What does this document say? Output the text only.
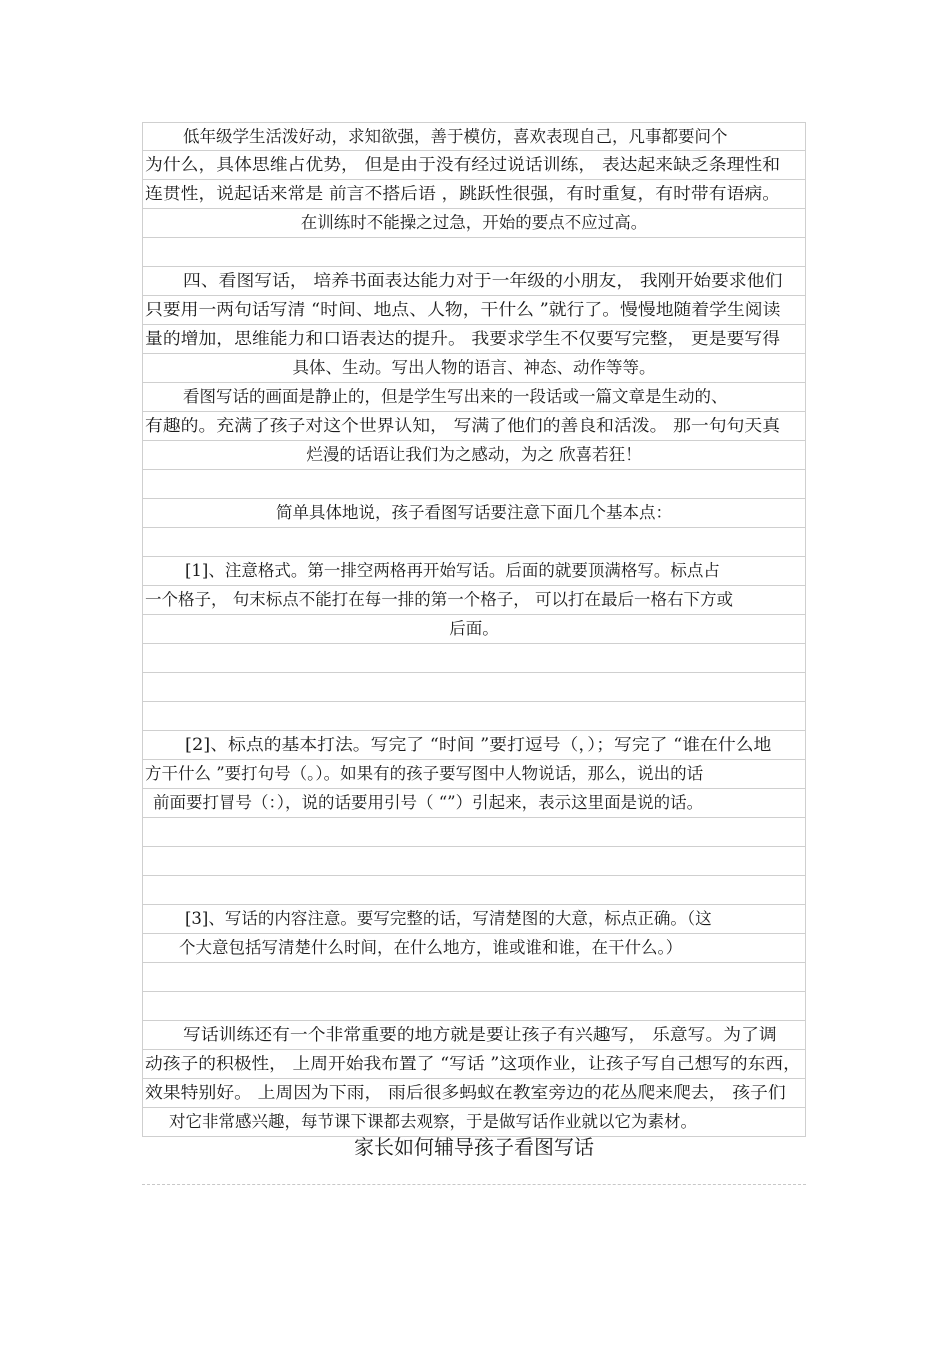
低年级学生活泼好动，求知欲强，善于模仿，喜欢表现自己，凡事都要问个
为什么，具体思维占优势， 但是由于没有经过说话训练， 表达起来缺乏条理性和
连贯性，说起话来常是 前言不搭后语 ，跳跃性很强，有时重复，有时带有语病。
在训练时不能操之过急，开始的要点不应过高。
四、看图写话， 培养书面表达能力对于一年级的小朋友， 我刚开始要求他们
只要用一两句话写清 “时间、地点、人物，干什么 ”就行了。慢慢地随着学生阅读
量的增加，思维能力和口语表达的提升。 我要求学生不仅要写完整， 更是要写得
具体、生动。写出人物的语言、神态、动作等等。
看图写话的画面是静止的，但是学生写出来的一段话或一篇文章是生动的、
有趣的。充满了孩子对这个世界认知， 写满了他们的善良和活泼。 那一句句天真
烂漫的话语让我们为之感动，为之 欣喜若狂！
简单具体地说，孩子看图写话要注意下面几个基本点：
[1]、注意格式。第一排空两格再开始写话。后面的就要顶满格写。标点占
一个格子， 句末标点不能打在每一排的第一个格子， 可以打在最后一格右下方或
后面。
[2]、标点的基本打法。写完了 “时间 ”要打逗号（，）；写完了 “谁在什么地
方干什么 ”要打句号（。）。如果有的孩子要写图中人物说话，那么，说出的话
前面要打冒号（：），说的话要用引号（ “”）引起来，表示这里面是说的话。
[3]、写话的内容注意。要写完整的话，写清楚图的大意，标点正确。（这
个大意包括写清楚什么时间，在什么地方，谁或谁和谁，在干什么。）
写话训练还有一个非常重要的地方就是要让孩子有兴趣写， 乐意写。为了调
动孩子的积极性， 上周开始我布置了 “写话 ”这项作业，让孩子写自己想写的东西，
效果特别好。 上周因为下雨， 雨后很多蚂蚁在教室旁边的花丛爬来爬去， 孩子们
对它非常感兴趣，每节课下课都去观察，于是做写话作业就以它为素材。
家长如何辅导孩子看图写话
